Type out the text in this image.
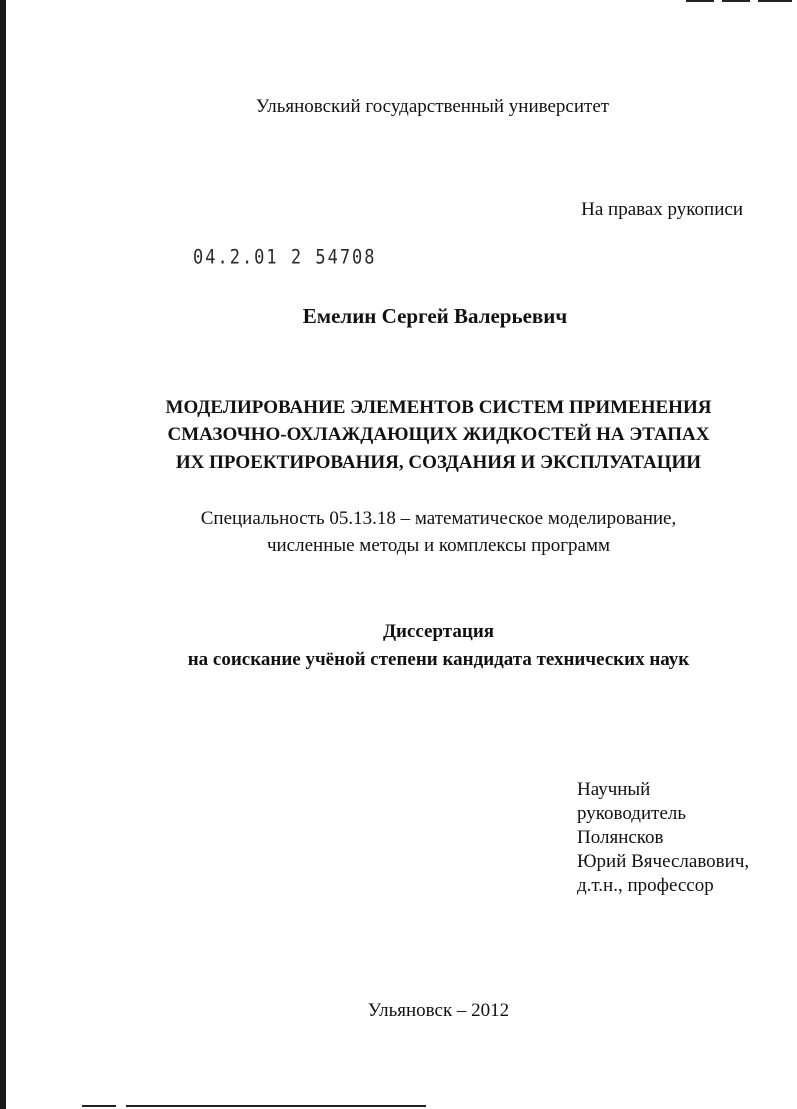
Ульяновский государственный университет
На правах рукописи
04.2.01 2 54708
Емелин Сергей Валерьевич
МОДЕЛИРОВАНИЕ ЭЛЕМЕНТОВ СИСТЕМ ПРИМЕНЕНИЯ
СМАЗОЧНО-ОХЛАЖДАЮЩИХ ЖИДКОСТЕЙ НА ЭТАПАХ
ИХ ПРОЕКТИРОВАНИЯ, СОЗДАНИЯ И ЭКСПЛУАТАЦИИ
Специальность 05.13.18 – математическое моделирование,
численные методы и комплексы программ
Диссертация
на соискание учёной степени кандидата технических наук
Научный
руководитель
Полянсков
Юрий Вячеславович,
д.т.н., профессор
Ульяновск – 2012
